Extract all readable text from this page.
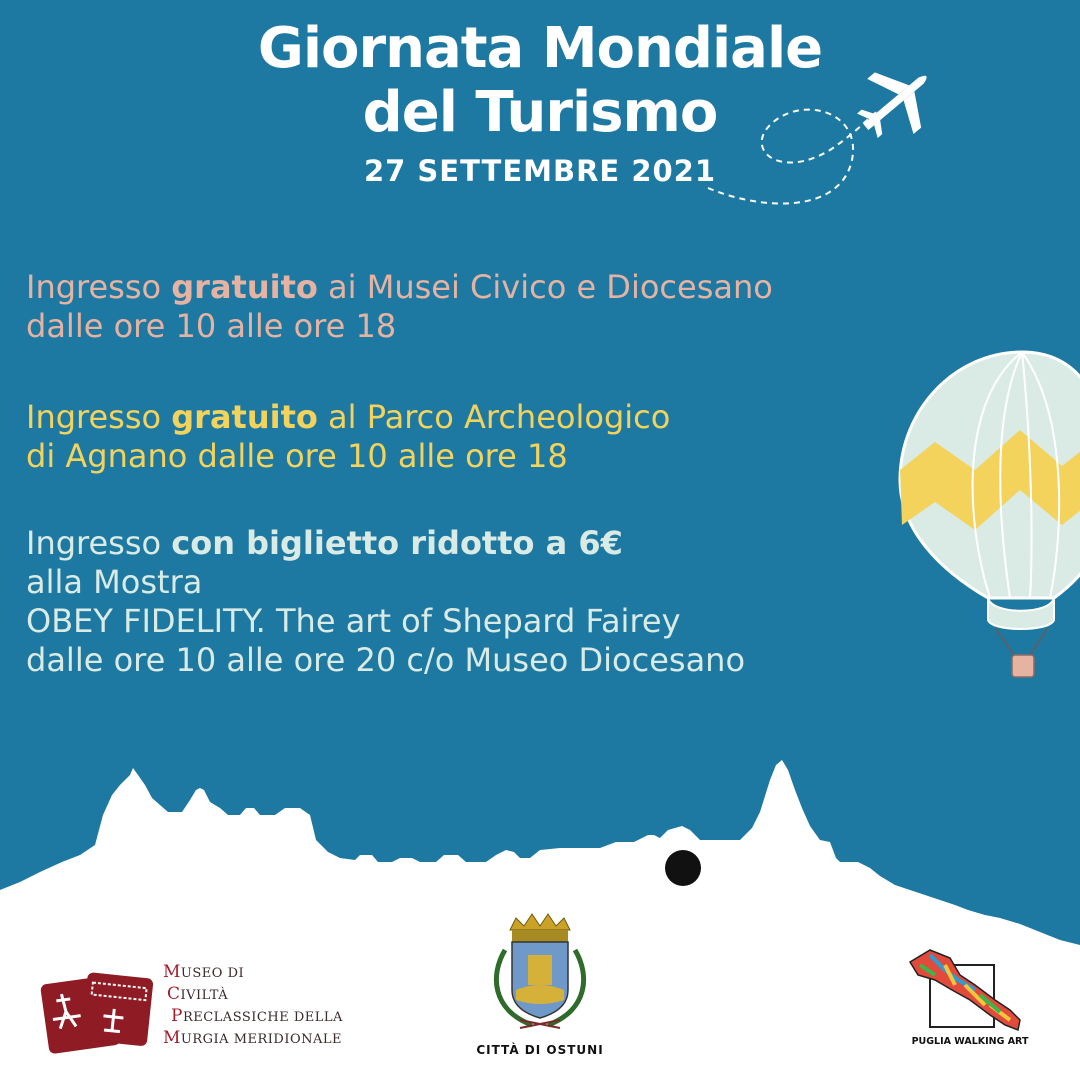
Giornata Mondiale
del Turismo
27 SETTEMBRE 2021
Ingresso gratuito ai Musei Civico e Diocesano
dalle ore 10 alle ore 18
Ingresso gratuito al Parco Archeologico
di Agnano dalle ore 10 alle ore 18
Ingresso con biglietto ridotto a 6€
alla Mostra
OBEY FIDELITY. The art of Shepard Fairey
dalle ore 10 alle ore 20 c/o Museo Diocesano
MUSEO DI
CIVILTÀ
PRECLASSICHE DELLA
MURGIA MERIDIONALE
CITTÀ DI OSTUNI
PUGLIA WALKING ART
